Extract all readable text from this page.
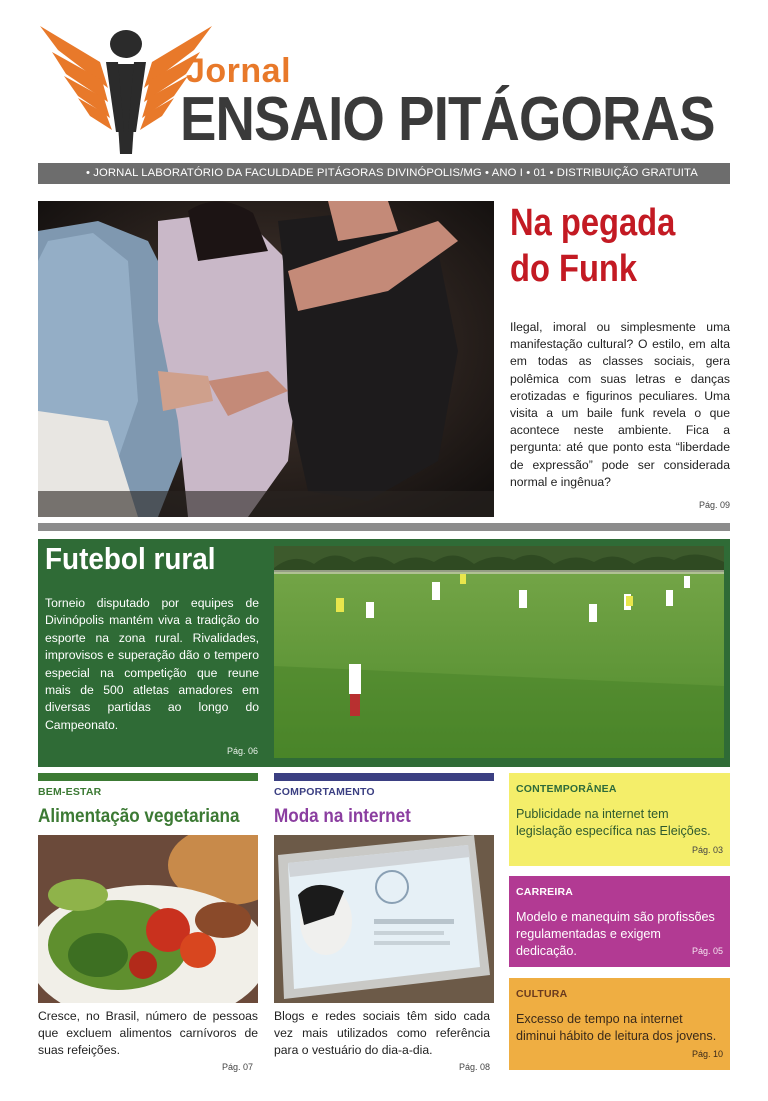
Jornal
ENSAIO PITÁGORAS
• JORNAL LABORATÓRIO DA FACULDADE PITÁGORAS DIVINÓPOLIS/MG • ANO I • 01 • DISTRIBUIÇÃO GRATUITA
Na pegada
do Funk
Ilegal, imoral ou simplesmente uma manifestação cultural? O estilo, em alta em todas as classes sociais, gera polêmica com suas letras e danças erotizadas e figurinos peculiares. Uma visita a um baile funk revela o que acontece neste ambiente. Fica a pergunta: até que ponto esta “liberdade de expressão” pode ser considerada normal e ingênua?
Pág. 09
Futebol rural
Torneio disputado por equipes de Divinópolis mantém viva a tradição do esporte na zona rural. Rivalidades, improvisos e superação dão o tempero especial na competição que reune mais de 500 atletas amadores em diversas partidas ao longo do Campeonato.
Pág. 06
BEM-ESTAR
Alimentação vegetariana
Cresce, no Brasil, número de pessoas que excluem alimentos carnívoros de suas refeições.
Pág. 07
COMPORTAMENTO
Moda na internet
Blogs e redes sociais têm sido cada vez mais utilizados como referência para o vestuário do dia-a-dia.
Pág. 08
CONTEMPORÂNEA
Publicidade na internet tem legislação específica nas Eleições.
Pág. 03
CARREIRA
Modelo e manequim são profissões regulamentadas e exigem dedicação.	Pág. 05
CULTURA
Excesso de tempo na internet diminui hábito de leitura dos jovens.
Pág. 10
